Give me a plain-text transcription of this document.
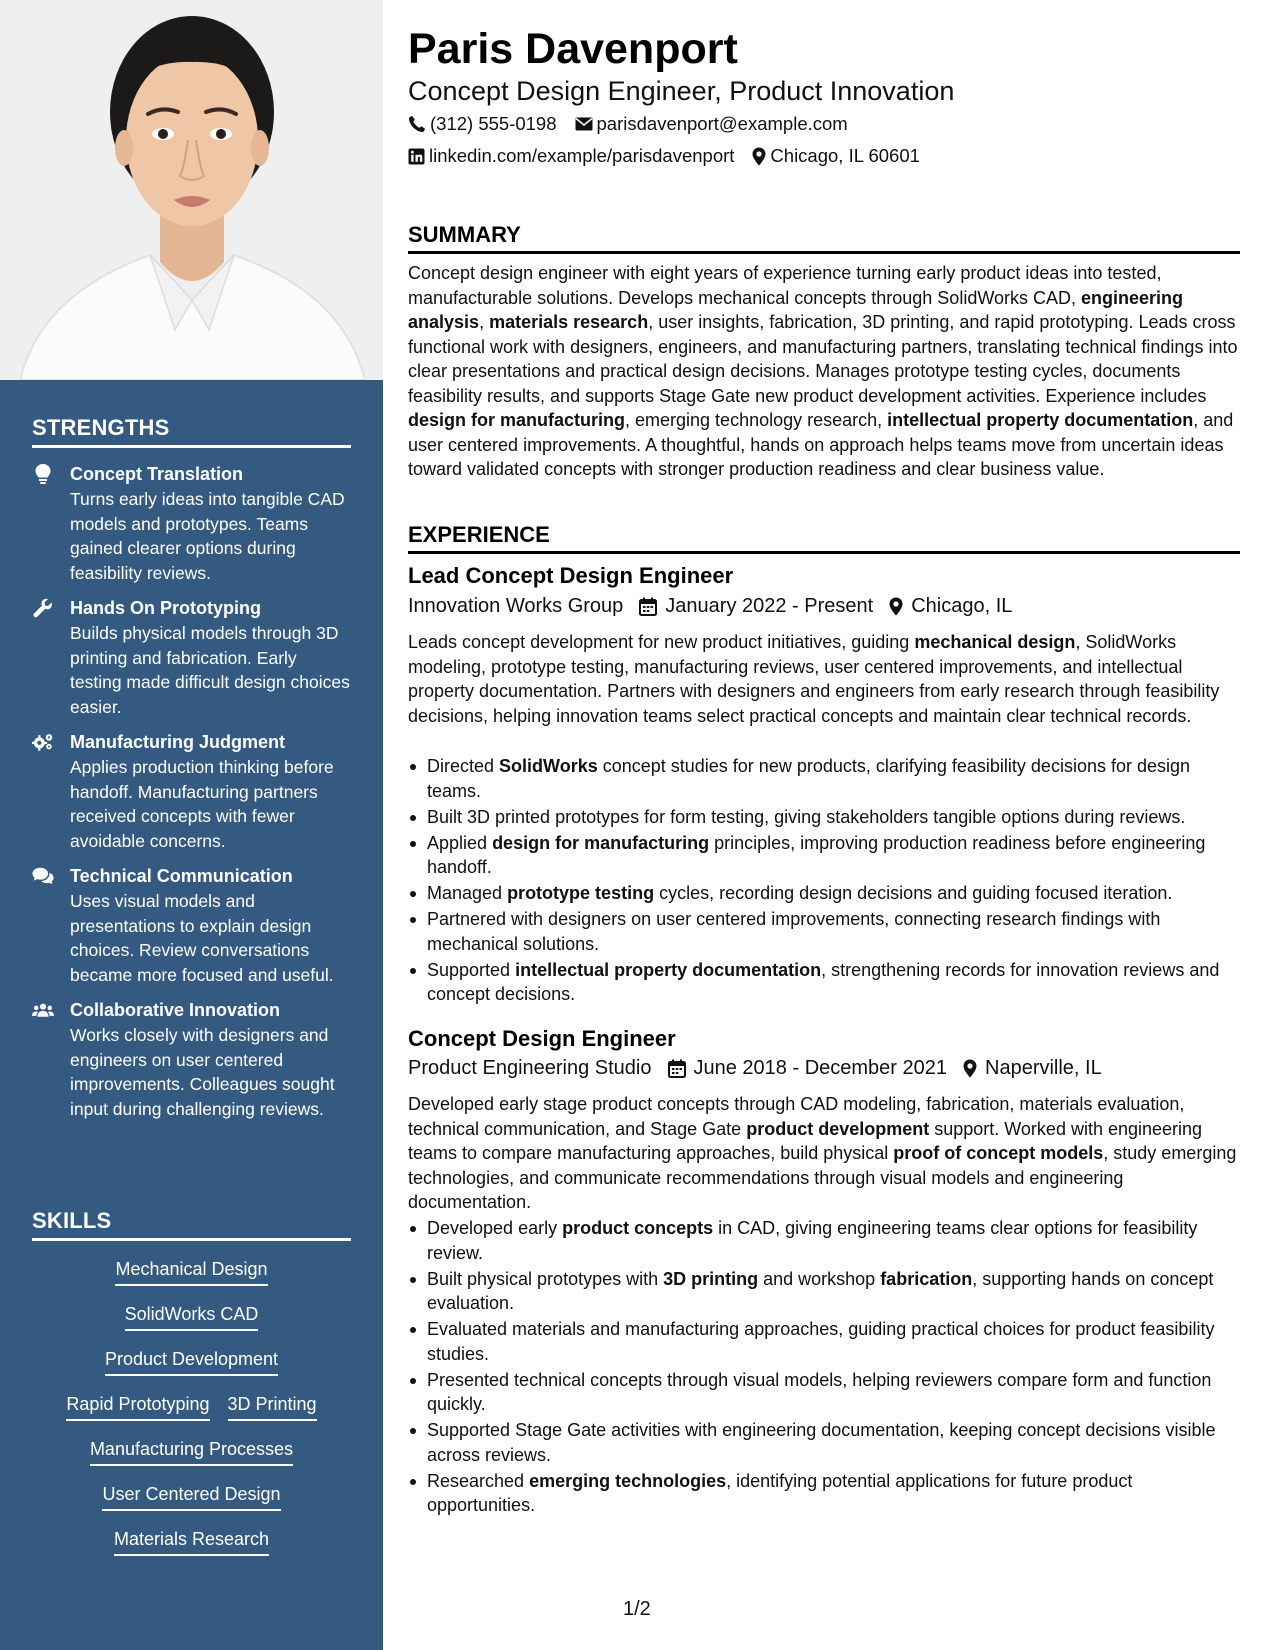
STRENGTHS
Concept Translation
Turns early ideas into tangible CAD models and prototypes. Teams gained clearer options during feasibility reviews.
Hands On Prototyping
Builds physical models through 3D printing and fabrication. Early testing made difficult design choices easier.
Manufacturing Judgment
Applies production thinking before handoff. Manufacturing partners received concepts with fewer avoidable concerns.
Technical Communication
Uses visual models and presentations to explain design choices. Review conversations became more focused and useful.
Collaborative Innovation
Works closely with designers and engineers on user centered improvements. Colleagues sought input during challenging reviews.
SKILLS
Mechanical Design
SolidWorks CAD
Product Development
Rapid Prototyping 3D Printing
Manufacturing Processes
User Centered Design
Materials Research
Paris Davenport
Concept Design Engineer, Product Innovation
(312) 555-0198 parisdavenport@example.com
linkedin.com/example/parisdavenport Chicago, IL 60601
SUMMARY
Concept design engineer with eight years of experience turning early product ideas into tested, manufacturable solutions. Develops mechanical concepts through SolidWorks CAD, engineering analysis, materials research, user insights, fabrication, 3D printing, and rapid prototyping. Leads cross functional work with designers, engineers, and manufacturing partners, translating technical findings into clear presentations and practical design decisions. Manages prototype testing cycles, documents feasibility results, and supports Stage Gate new product development activities. Experience includes design for manufacturing, emerging technology research, intellectual property documentation, and user centered improvements. A thoughtful, hands on approach helps teams move from uncertain ideas toward validated concepts with stronger production readiness and clear business value.
EXPERIENCE
Lead Concept Design Engineer
Innovation Works Group January 2022 - Present Chicago, IL
Leads concept development for new product initiatives, guiding mechanical design, SolidWorks modeling, prototype testing, manufacturing reviews, user centered improvements, and intellectual property documentation. Partners with designers and engineers from early research through feasibility decisions, helping innovation teams select practical concepts and maintain clear technical records.
Directed SolidWorks concept studies for new products, clarifying feasibility decisions for design teams.
Built 3D printed prototypes for form testing, giving stakeholders tangible options during reviews.
Applied design for manufacturing principles, improving production readiness before engineering handoff.
Managed prototype testing cycles, recording design decisions and guiding focused iteration.
Partnered with designers on user centered improvements, connecting research findings with mechanical solutions.
Supported intellectual property documentation, strengthening records for innovation reviews and concept decisions.
Concept Design Engineer
Product Engineering Studio June 2018 - December 2021 Naperville, IL
Developed early stage product concepts through CAD modeling, fabrication, materials evaluation, technical communication, and Stage Gate product development support. Worked with engineering teams to compare manufacturing approaches, build physical proof of concept models, study emerging technologies, and communicate recommendations through visual models and engineering documentation.
Developed early product concepts in CAD, giving engineering teams clear options for feasibility review.
Built physical prototypes with 3D printing and workshop fabrication, supporting hands on concept evaluation.
Evaluated materials and manufacturing approaches, guiding practical choices for product feasibility studies.
Presented technical concepts through visual models, helping reviewers compare form and function quickly.
Supported Stage Gate activities with engineering documentation, keeping concept decisions visible across reviews.
Researched emerging technologies, identifying potential applications for future product opportunities.
1/2
